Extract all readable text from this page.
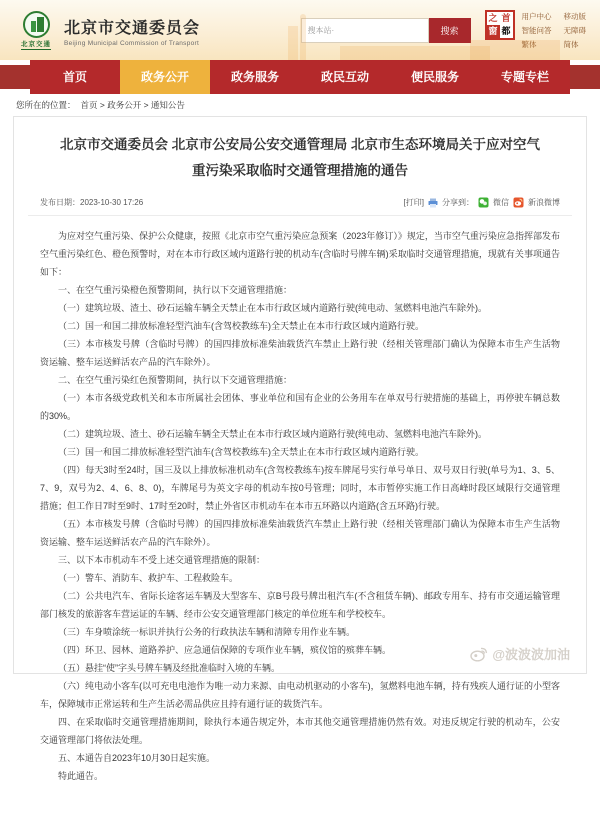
北京交通
北京市交通委员会
Beijing Municipal Commission of Transport
搜本站·
搜索
之 首
窗 都
用户中心
智能问答
繁体
移动版
无障碍
简体
首页	政务公开	政务服务	政民互动	便民服务	专题专栏
您所在的位置： 首页 > 政务公开 > 通知公告
北京市交通委员会 北京市公安局公安交通管理局 北京市生态环境局关于应对空气重污染采取临时交通管理措施的通告
发布日期： 2023-10-30 17:26	[打印] 分享到： 微信 新浪微博

为应对空气重污染、保护公众健康，按照《北京市空气重污染应急预案（2023年修订）》规定，当市空气重污染应急指挥部发布空气重污染红色、橙色预警时，对在本市行政区域内道路行驶的机动车(含临时号牌车辆)采取临时交通管理措施，现就有关事项通告如下：

一、在空气重污染橙色预警期间，执行以下交通管理措施：

（一）建筑垃圾、渣土、砂石运输车辆全天禁止在本市行政区域内道路行驶(纯电动、氢燃料电池汽车除外)。

（二）国一和国二排放标准轻型汽油车(含驾校教练车)全天禁止在本市行政区域内道路行驶。

（三）本市核发号牌（含临时号牌）的国四排放标准柴油载货汽车禁止上路行驶（经相关管理部门确认为保障本市生产生活物资运输、整车运送鲜活农产品的汽车除外）。

二、在空气重污染红色预警期间，执行以下交通管理措施：

（一）本市各级党政机关和本市所属社会团体、事业单位和国有企业的公务用车在单双号行驶措施的基础上，再停驶车辆总数的30%。

（二）建筑垃圾、渣土、砂石运输车辆全天禁止在本市行政区域内道路行驶(纯电动、氢燃料电池汽车除外)。

（三）国一和国二排放标准轻型汽油车(含驾校教练车)全天禁止在本市行政区域内道路行驶。

（四）每天3时至24时，国三及以上排放标准机动车(含驾校教练车)按车牌尾号实行单号单日、双号双日行驶(单号为1、3、5、7、9，双号为2、4、6、8、0)，车牌尾号为英文字母的机动车按0号管理；同时，本市暂停实施工作日高峰时段区域限行交通管理措施；但工作日7时至9时、17时至20时，禁止外省区市机动车在本市五环路以内道路(含五环路)行驶。

（五）本市核发号牌（含临时号牌）的国四排放标准柴油载货汽车禁止上路行驶（经相关管理部门确认为保障本市生产生活物资运输、整车运送鲜活农产品的汽车除外）。

三、以下本市机动车不受上述交通管理措施的限制：

（一）警车、消防车、救护车、工程救险车。

（二）公共电汽车、省际长途客运车辆及大型客车、京B号段号牌出租汽车(不含租赁车辆)、邮政专用车、持有市交通运输管理部门核发的旅游客车营运证的车辆、经市公安交通管理部门核定的单位班车和学校校车。

（三）车身喷涂统一标识并执行公务的行政执法车辆和清障专用作业车辆。

（四）环卫、园林、道路养护、应急通信保障的专项作业车辆，殡仪馆的殡葬车辆。

（五）悬挂“使”字头号牌车辆及经批准临时入境的车辆。

（六）纯电动小客车(以可充电电池作为唯一动力来源、由电动机驱动的小客车)，氢燃料电池车辆，持有残疾人通行证的小型客车，保障城市正常运转和生产生活必需品供应且持有通行证的载货汽车。

四、在采取临时交通管理措施期间，除执行本通告规定外，本市其他交通管理措施仍然有效。对违反规定行驶的机动车，公安交通管理部门将依法处理。

五、本通告自2023年10月30日起实施。

特此通告。

@波波波加油
